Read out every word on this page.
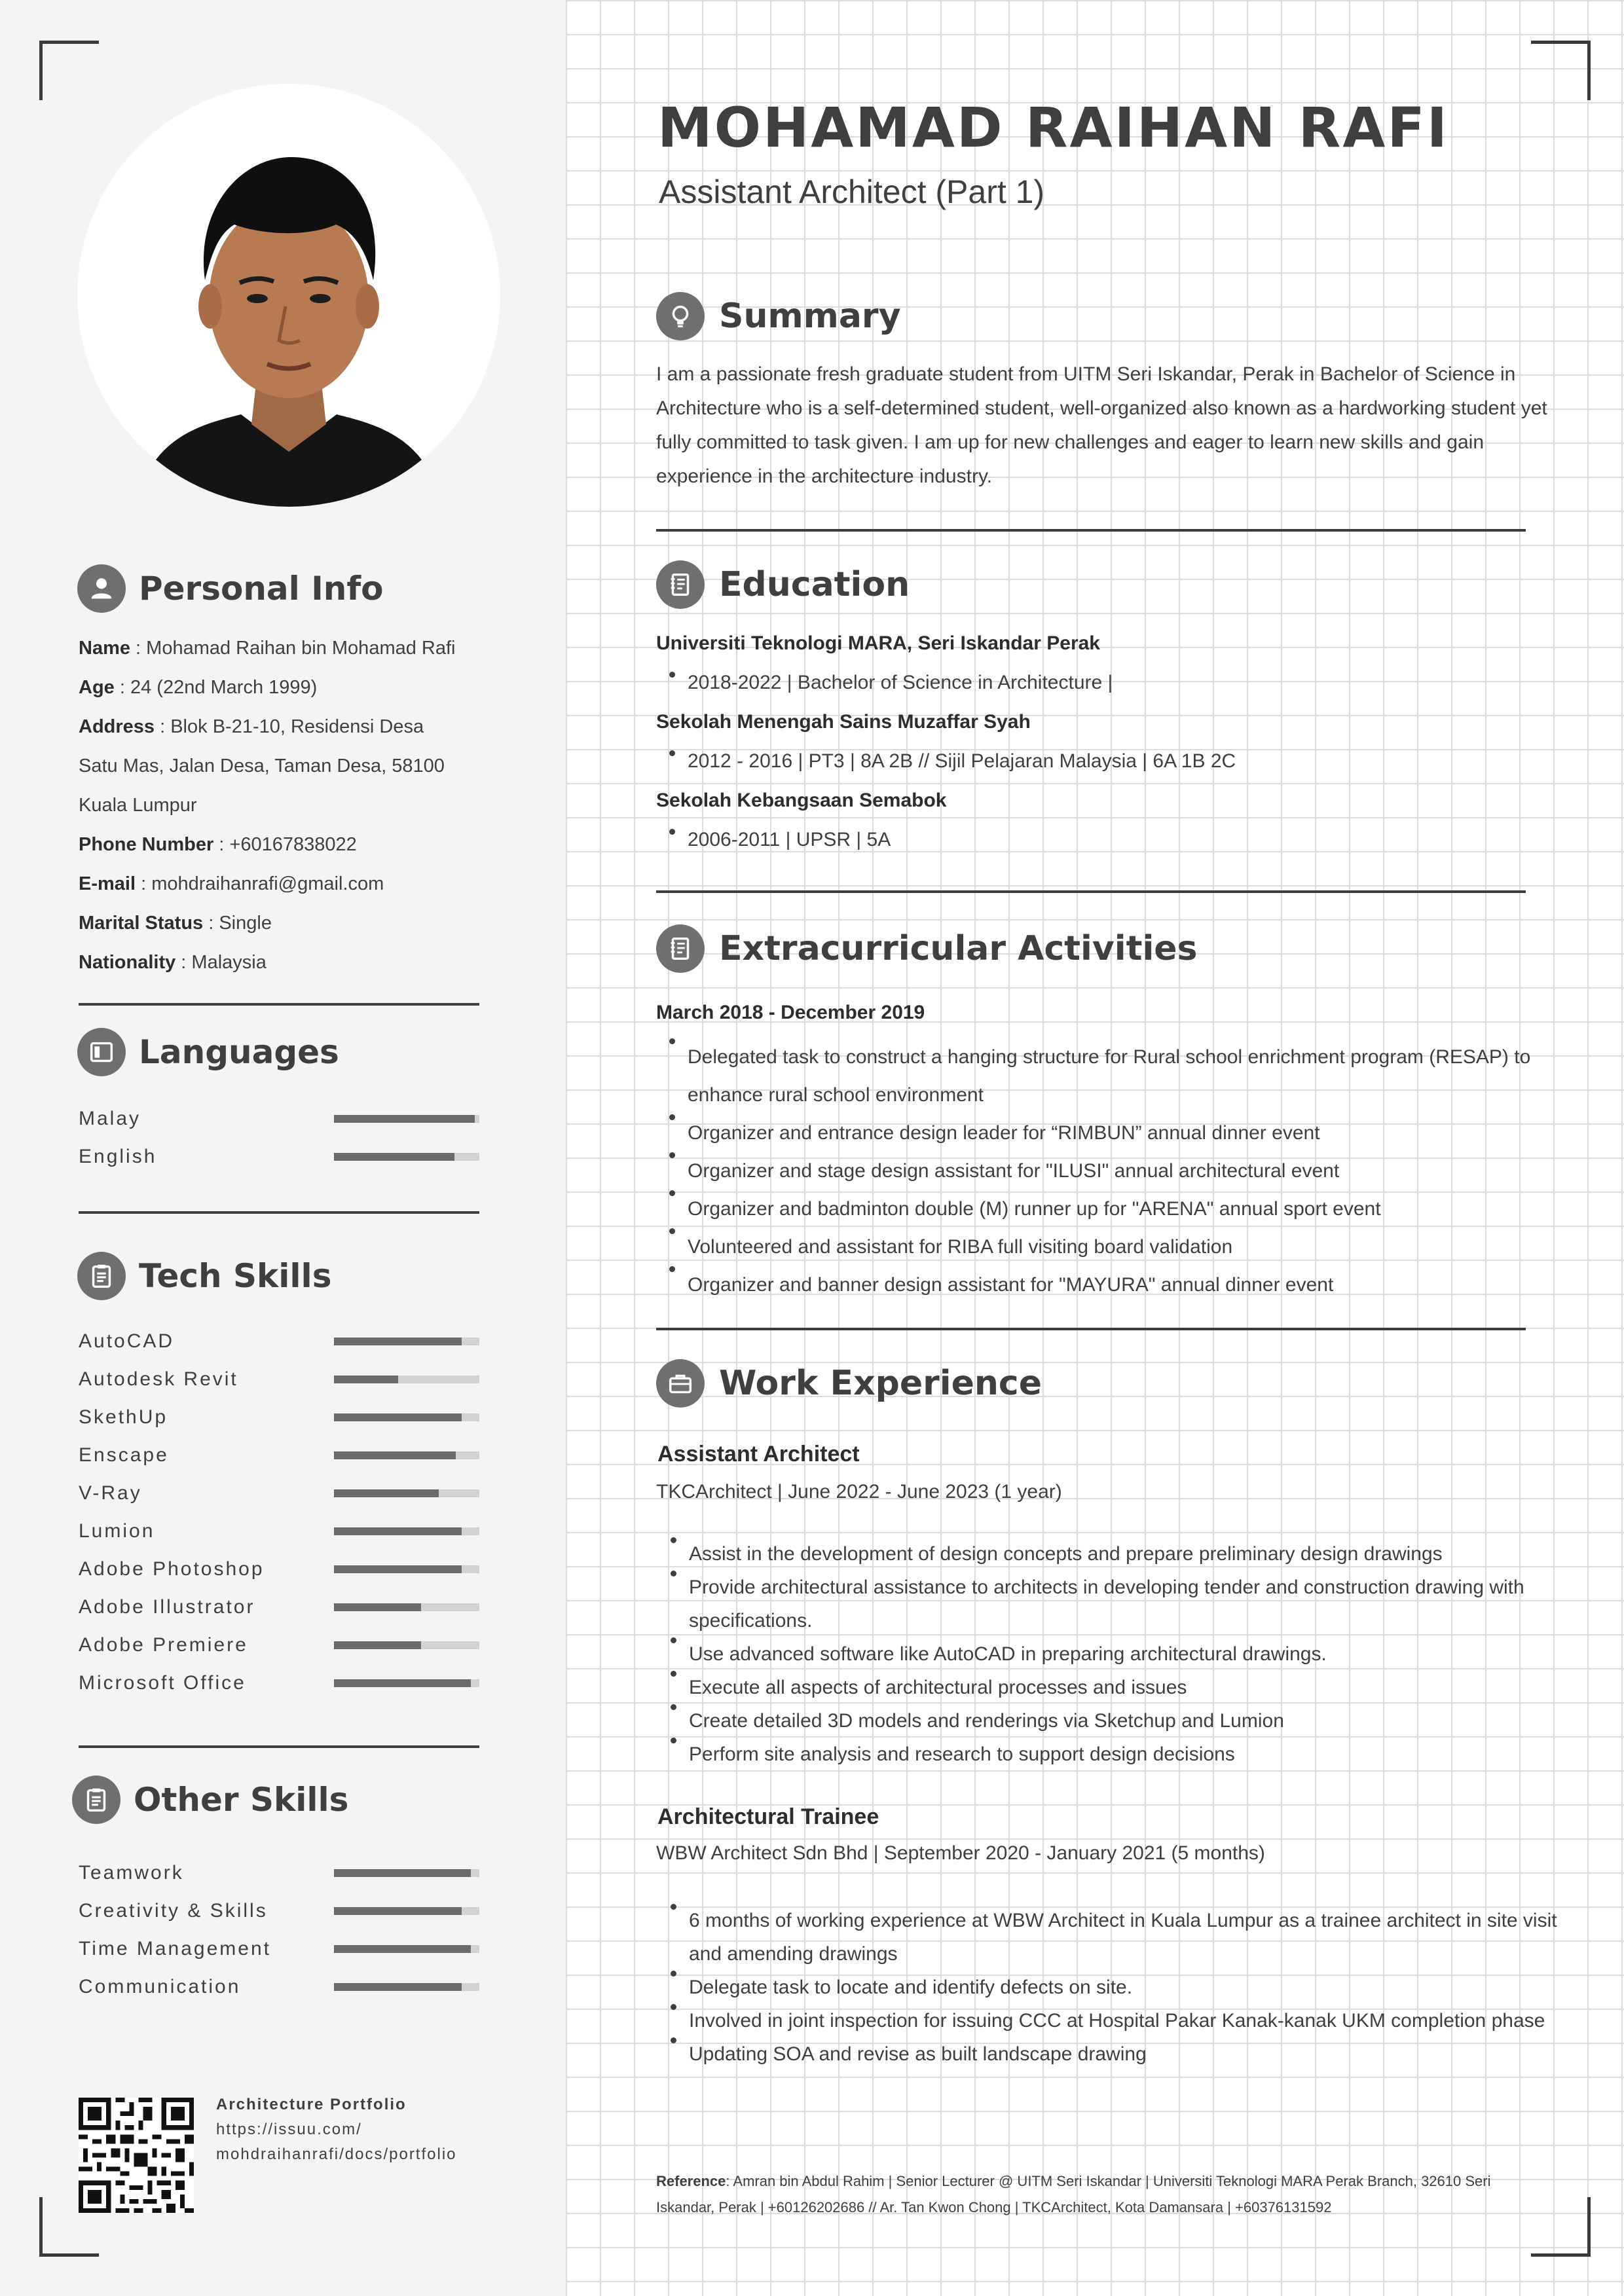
Personal Info
Name : Mohamad Raihan bin Mohamad Rafi
Age : 24 (22nd March 1999)
Address : Blok B-21-10, Residensi Desa
Satu Mas, Jalan Desa, Taman Desa, 58100
Kuala Lumpur
Phone Number : +60167838022
E-mail : mohdraihanrafi@gmail.com
Marital Status : Single
Nationality : Malaysia
Languages
Malay
English
Tech Skills
AutoCAD
Autodesk Revit
SkethUp
Enscape
V-Ray
Lumion
Adobe Photoshop
Adobe Illustrator
Adobe Premiere
Microsoft Office
Other Skills
Teamwork
Creativity & Skills
Time Management
Communication
Architecture Portfolio
https://issuu.com/
mohdraihanrafi/docs/portfolio
MOHAMAD RAIHAN RAFI
Assistant Architect (Part 1)
Summary
I am a passionate fresh graduate student from UITM Seri Iskandar, Perak in Bachelor of Science in Architecture who is a self-determined student, well-organized also known as a hardworking student yet fully committed to task given. I am up for new challenges and eager to learn new skills and gain experience in the architecture industry.
Education
Universiti Teknologi MARA, Seri Iskandar Perak
2018-2022 | Bachelor of Science in Architecture |
Sekolah Menengah Sains Muzaffar Syah
2012 - 2016 | PT3 | 8A 2B // Sijil Pelajaran Malaysia | 6A 1B 2C
Sekolah Kebangsaan Semabok
2006-2011 | UPSR | 5A
Extracurricular Activities
March 2018 - December 2019
Delegated task to construct a hanging structure for Rural school enrichment program (RESAP) to enhance rural school environment
Organizer and entrance design leader for “RIMBUN” annual dinner event
Organizer and stage design assistant for "ILUSI" annual architectural event
Organizer and badminton double (M) runner up for "ARENA" annual sport event
Volunteered and assistant for RIBA full visiting board validation
Organizer and banner design assistant for "MAYURA" annual dinner event
Work Experience
Assistant Architect
TKCArchitect | June 2022 - June 2023 (1 year)
Assist in the development of design concepts and prepare preliminary design drawings
Provide architectural assistance to architects in developing tender and construction drawing with specifications.
Use advanced software like AutoCAD in preparing architectural drawings.
Execute all aspects of architectural processes and issues
Create detailed 3D models and renderings via Sketchup and Lumion
Perform site analysis and research to support design decisions
Architectural Trainee
WBW Architect Sdn Bhd | September 2020 - January 2021 (5 months)
6 months of working experience at WBW Architect in Kuala Lumpur as a trainee architect in site visit and amending drawings
Delegate task to locate and identify defects on site.
Involved in joint inspection for issuing CCC at Hospital Pakar Kanak-kanak UKM completion phase
Updating SOA and revise as built landscape drawing
Reference: Amran bin Abdul Rahim | Senior Lecturer @ UITM Seri Iskandar | Universiti Teknologi MARA Perak Branch, 32610 Seri Iskandar, Perak | +60126202686 // Ar. Tan Kwon Chong | TKCArchitect, Kota Damansara | +60376131592
